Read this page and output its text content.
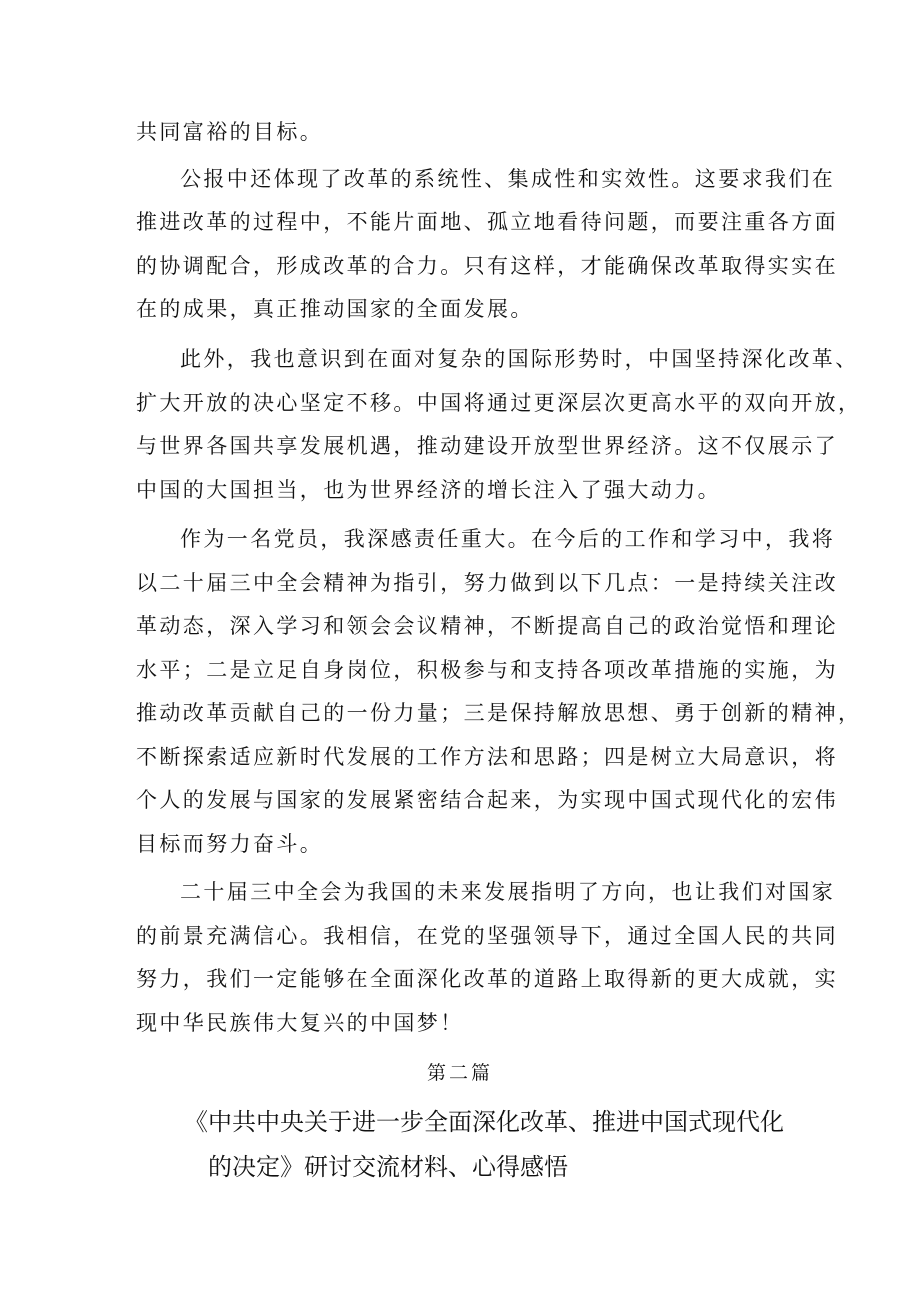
共同富裕的目标。
公报中还体现了改革的系统性、集成性和实效性。这要求我们在
推进改革的过程中，不能片面地、孤立地看待问题，而要注重各方面
的协调配合，形成改革的合力。只有这样，才能确保改革取得实实在
在的成果，真正推动国家的全面发展。
此外，我也意识到在面对复杂的国际形势时，中国坚持深化改革、
扩大开放的决心坚定不移。中国将通过更深层次更高水平的双向开放，
与世界各国共享发展机遇，推动建设开放型世界经济。这不仅展示了
中国的大国担当，也为世界经济的增长注入了强大动力。
作为一名党员，我深感责任重大。在今后的工作和学习中，我将
以二十届三中全会精神为指引，努力做到以下几点：一是持续关注改
革动态，深入学习和领会会议精神，不断提高自己的政治觉悟和理论
水平；二是立足自身岗位，积极参与和支持各项改革措施的实施，为
推动改革贡献自己的一份力量；三是保持解放思想、勇于创新的精神，
不断探索适应新时代发展的工作方法和思路；四是树立大局意识，将
个人的发展与国家的发展紧密结合起来，为实现中国式现代化的宏伟
目标而努力奋斗。
二十届三中全会为我国的未来发展指明了方向，也让我们对国家
的前景充满信心。我相信，在党的坚强领导下，通过全国人民的共同
努力，我们一定能够在全面深化改革的道路上取得新的更大成就，实
现中华民族伟大复兴的中国梦！
第二篇
《中共中央关于进一步全面深化改革、推进中国式现代化
的决定》研讨交流材料、心得感悟
